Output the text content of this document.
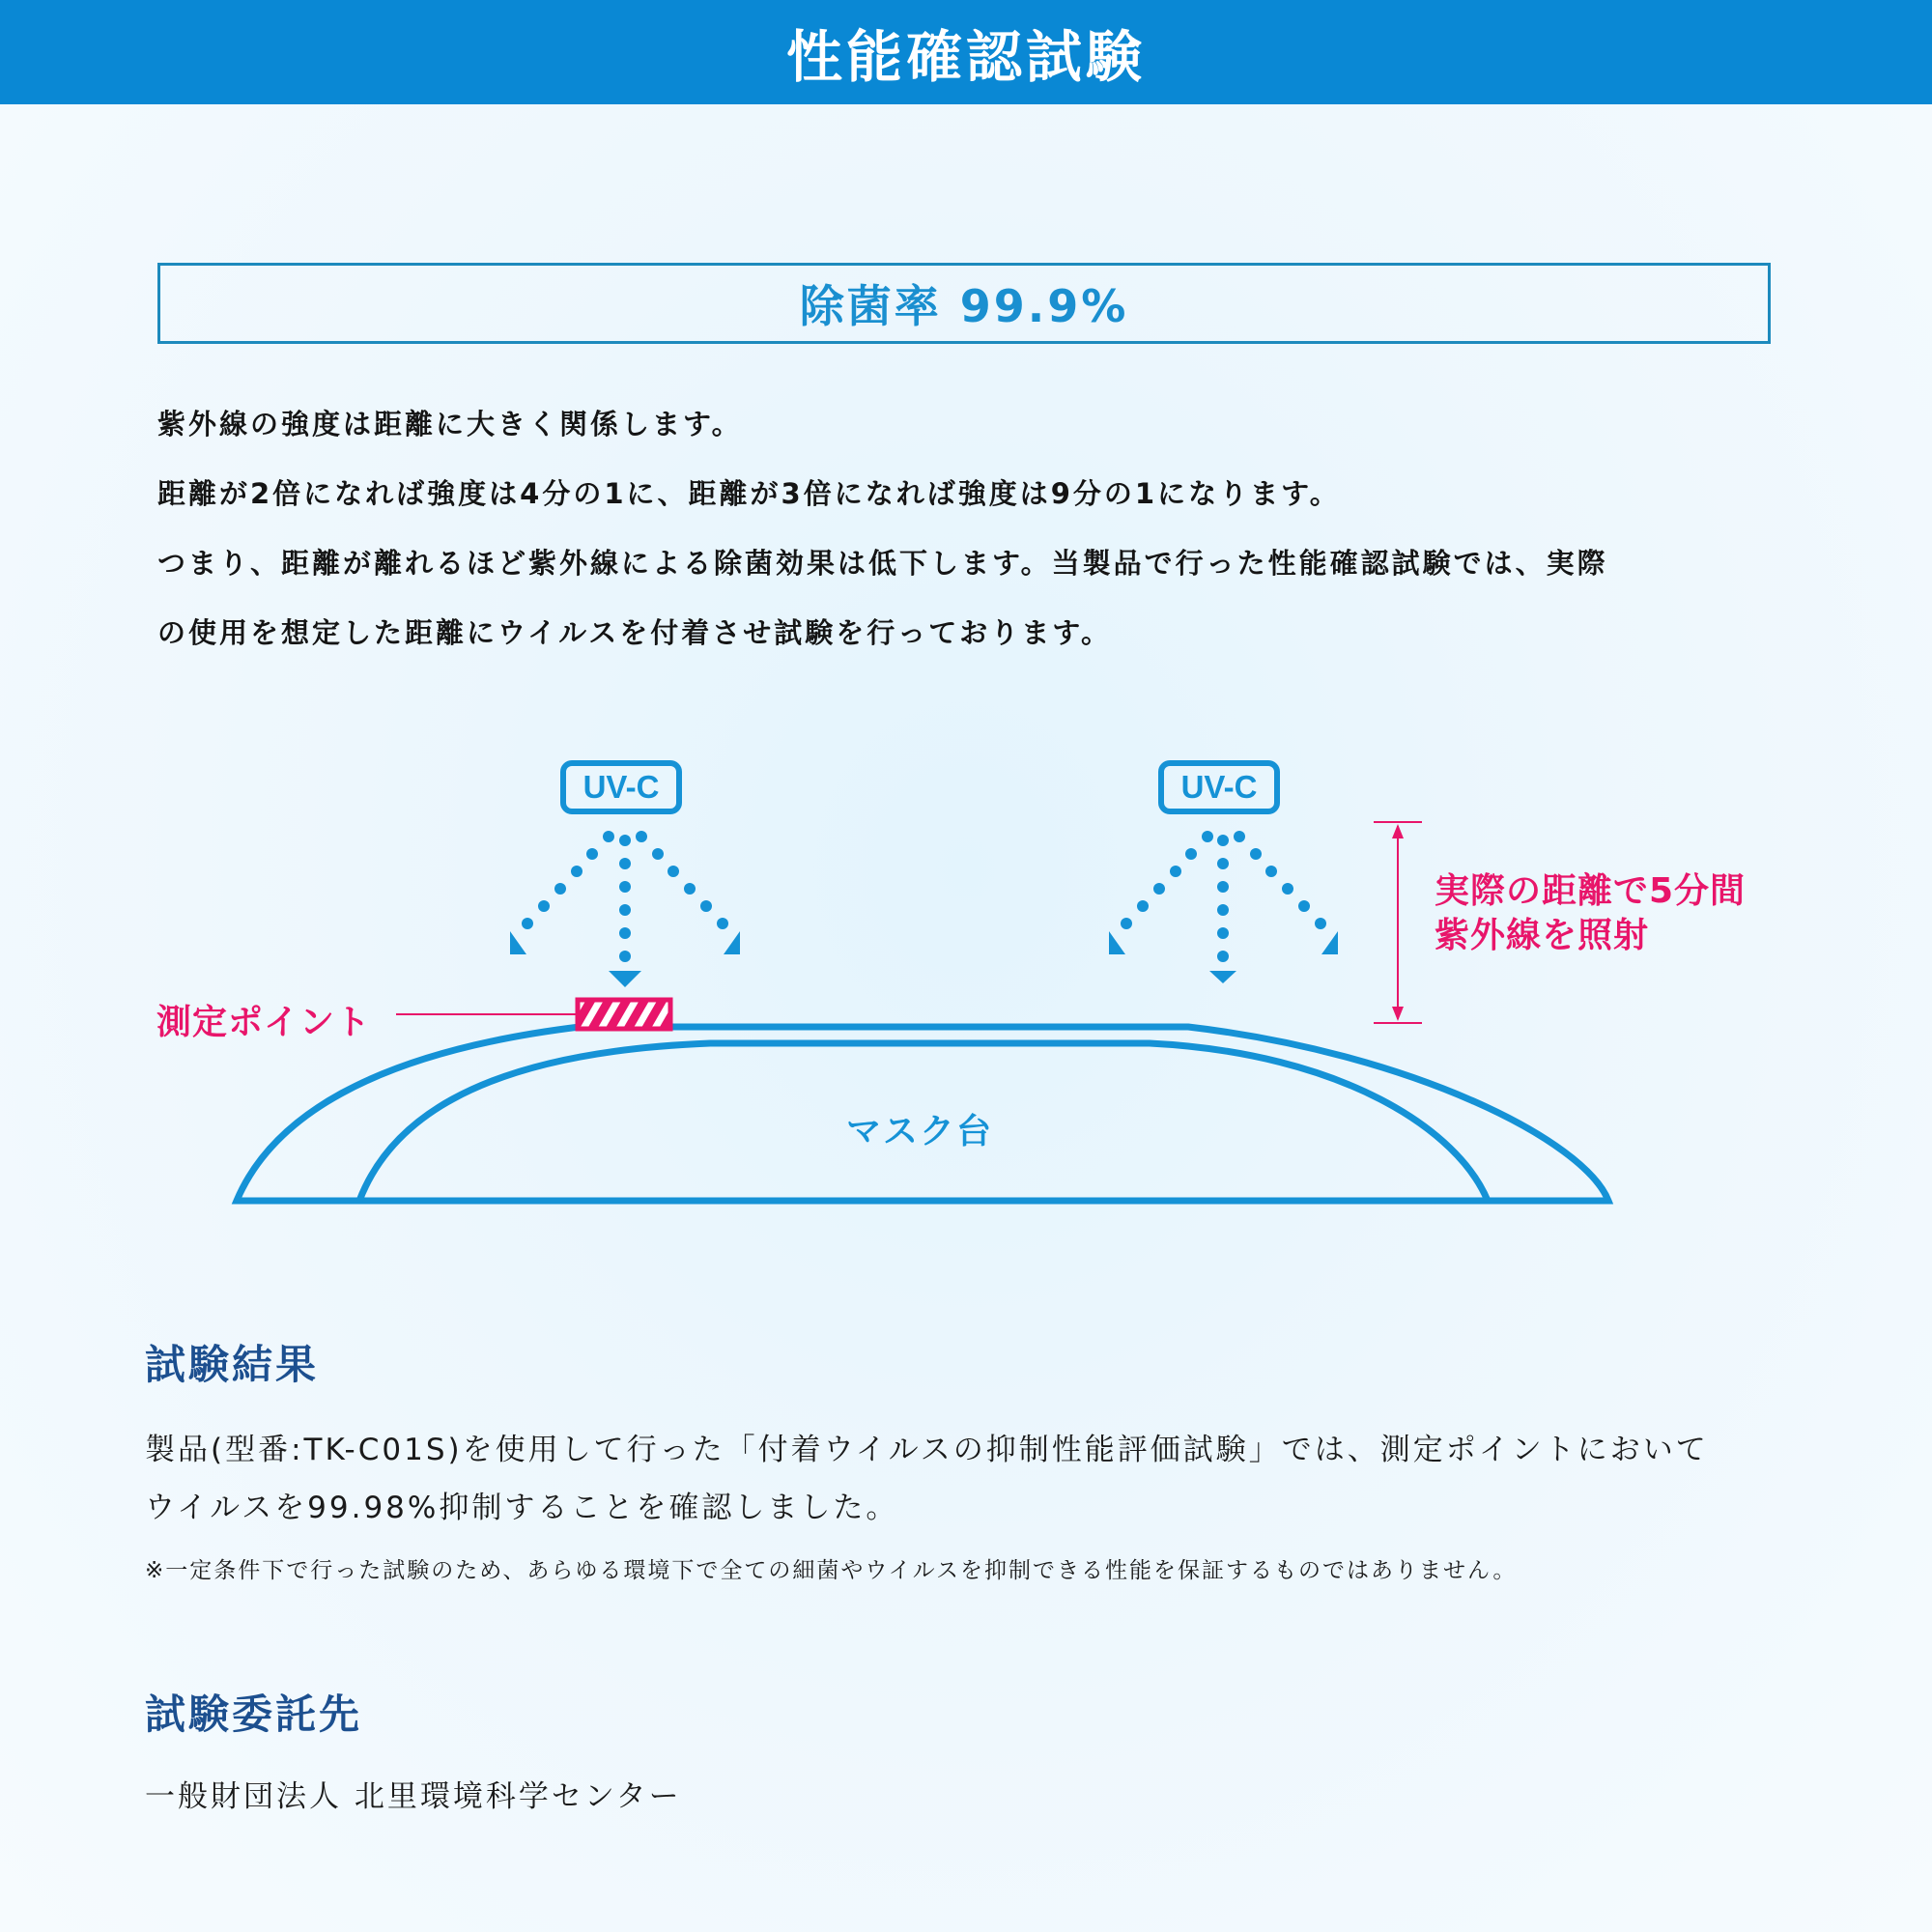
性能確認試験
除菌率 99.9%
紫外線の強度は距離に大きく関係します。
距離が2倍になれば強度は4分の1に、距離が3倍になれば強度は9分の1になります。
つまり、距離が離れるほど紫外線による除菌効果は低下します。当製品で行った性能確認試験では、実際
の使用を想定した距離にウイルスを付着させ試験を行っております。
UV-C	UV-C
測定ポイント
実際の距離で5分間
紫外線を照射
マスク台
試験結果
製品(型番:TK-C01S)を使用して行った「付着ウイルスの抑制性能評価試験」では、測定ポイントにおいて
ウイルスを99.98%抑制することを確認しました。
※一定条件下で行った試験のため、あらゆる環境下で全ての細菌やウイルスを抑制できる性能を保証するものではありません。
試験委託先
一般財団法人 北里環境科学センター
